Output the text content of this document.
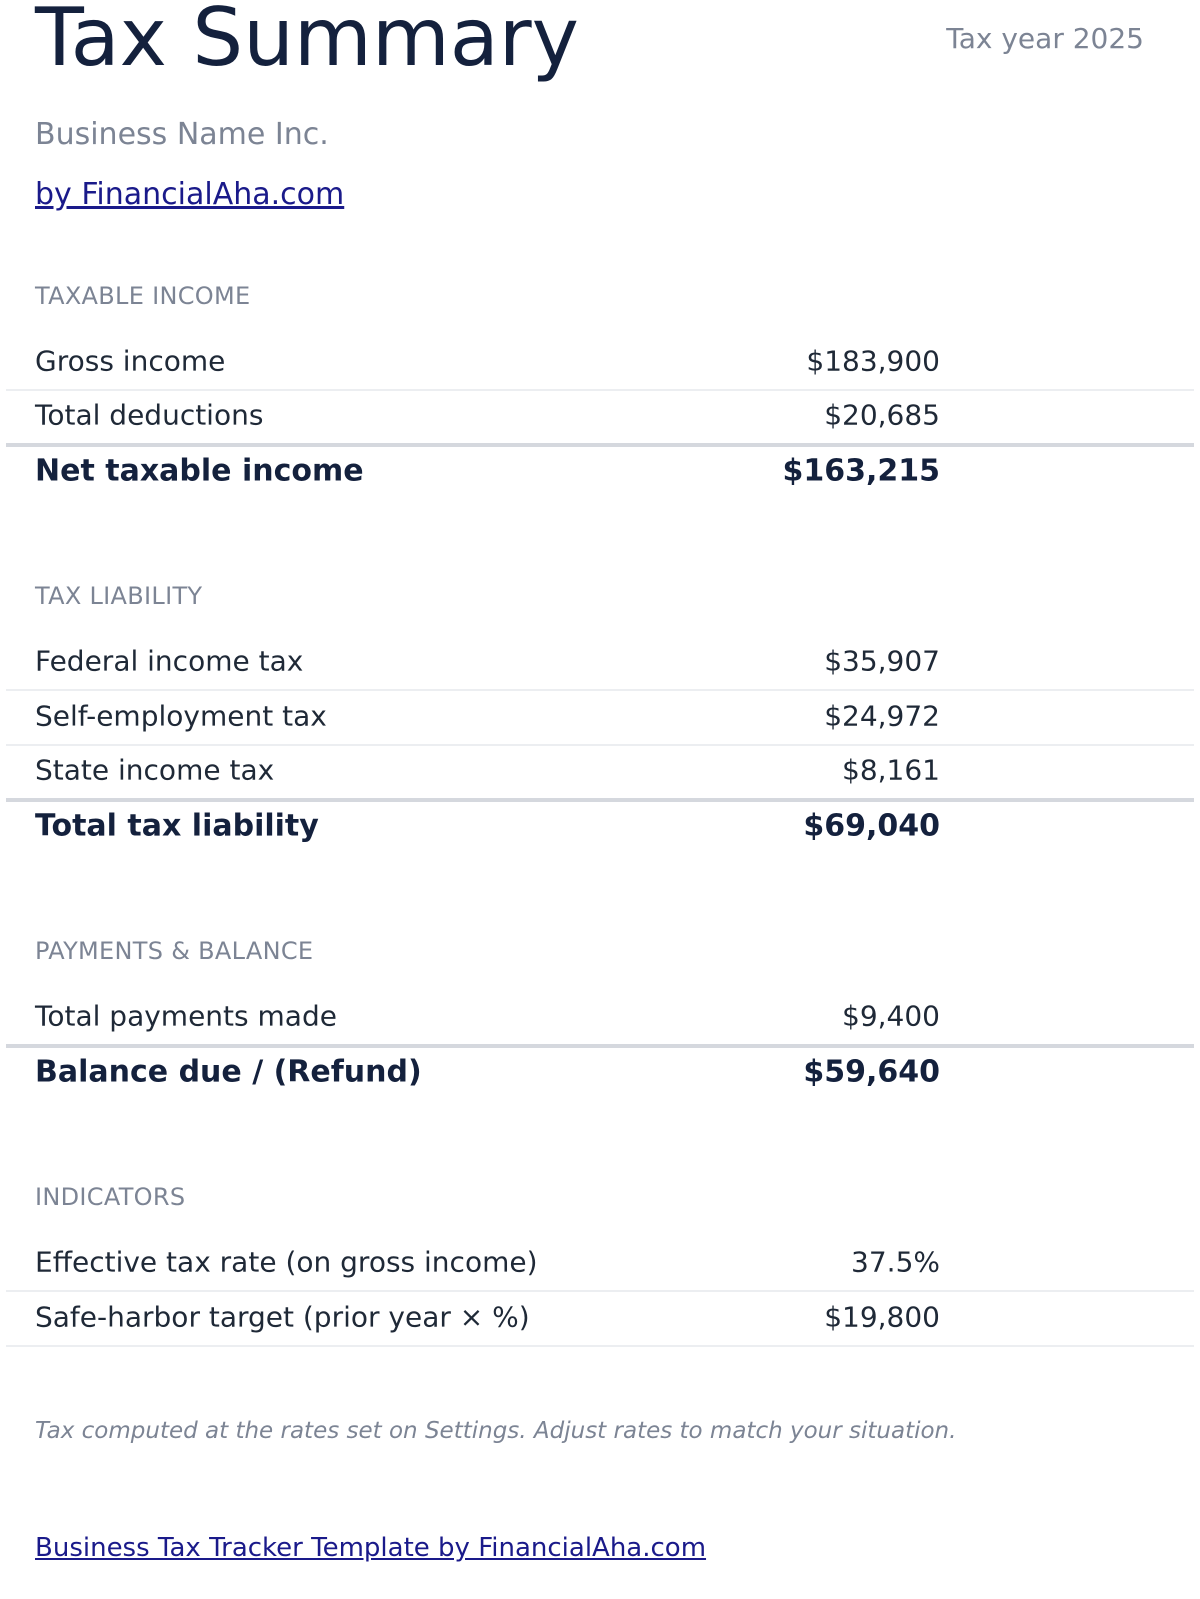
Tax Summary	Tax year 2025
Business Name Inc.
by FinancialAha.com
TAXABLE INCOME
Gross income	$183,900
Total deductions	$20,685
Net taxable income	$163,215
TAX LIABILITY
Federal income tax	$35,907
Self-employment tax	$24,972
State income tax	$8,161
Total tax liability	$69,040
PAYMENTS & BALANCE
Total payments made	$9,400
Balance due / (Refund)	$59,640
INDICATORS
Effective tax rate (on gross income)	37.5%
Safe-harbor target (prior year × %)	$19,800
Tax computed at the rates set on Settings. Adjust rates to match your situation.
Business Tax Tracker Template by FinancialAha.com
